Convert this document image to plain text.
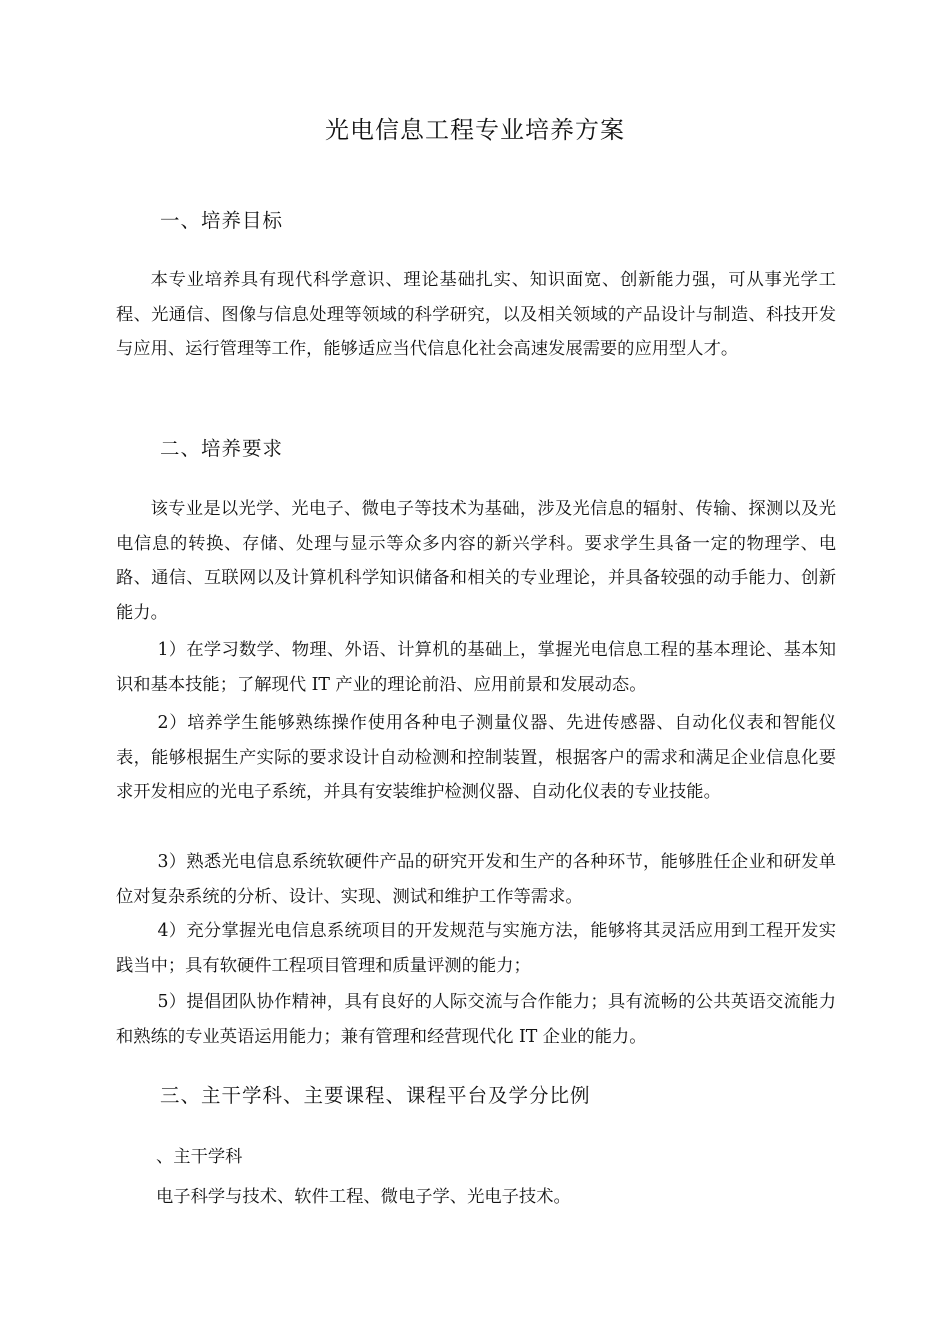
光电信息工程专业培养方案
一、培养目标

本专业培养具有现代科学意识、理论基础扎实、知识面宽、创新能力强，可从事光学工程、光通信、图像与信息处理等领域的科学研究，以及相关领域的产品设计与制造、科技开发与应用、运行管理等工作，能够适应当代信息化社会高速发展需要的应用型人才。

二、培养要求

该专业是以光学、光电子、微电子等技术为基础，涉及光信息的辐射、传输、探测以及光电信息的转换、存储、处理与显示等众多内容的新兴学科。要求学生具备一定的物理学、电路、通信、互联网以及计算机科学知识储备和相关的专业理论，并具备较强的动手能力、创新能力。

1）在学习数学、物理、外语、计算机的基础上，掌握光电信息工程的基本理论、基本知识和基本技能；了解现代 IT 产业的理论前沿、应用前景和发展动态。

2）培养学生能够熟练操作使用各种电子测量仪器、先进传感器、自动化仪表和智能仪表，能够根据生产实际的要求设计自动检测和控制装置，根据客户的需求和满足企业信息化要求开发相应的光电子系统，并具有安装维护检测仪器、自动化仪表的专业技能。

3）熟悉光电信息系统软硬件产品的研究开发和生产的各种环节，能够胜任企业和研发单位对复杂系统的分析、设计、实现、测试和维护工作等需求。

4）充分掌握光电信息系统项目的开发规范与实施方法，能够将其灵活应用到工程开发实践当中；具有软硬件工程项目管理和质量评测的能力；

5）提倡团队协作精神，具有良好的人际交流与合作能力；具有流畅的公共英语交流能力和熟练的专业英语运用能力；兼有管理和经营现代化 IT 企业的能力。

三、主干学科、主要课程、课程平台及学分比例
、主干学科

电子科学与技术、软件工程、微电子学、光电子技术。
